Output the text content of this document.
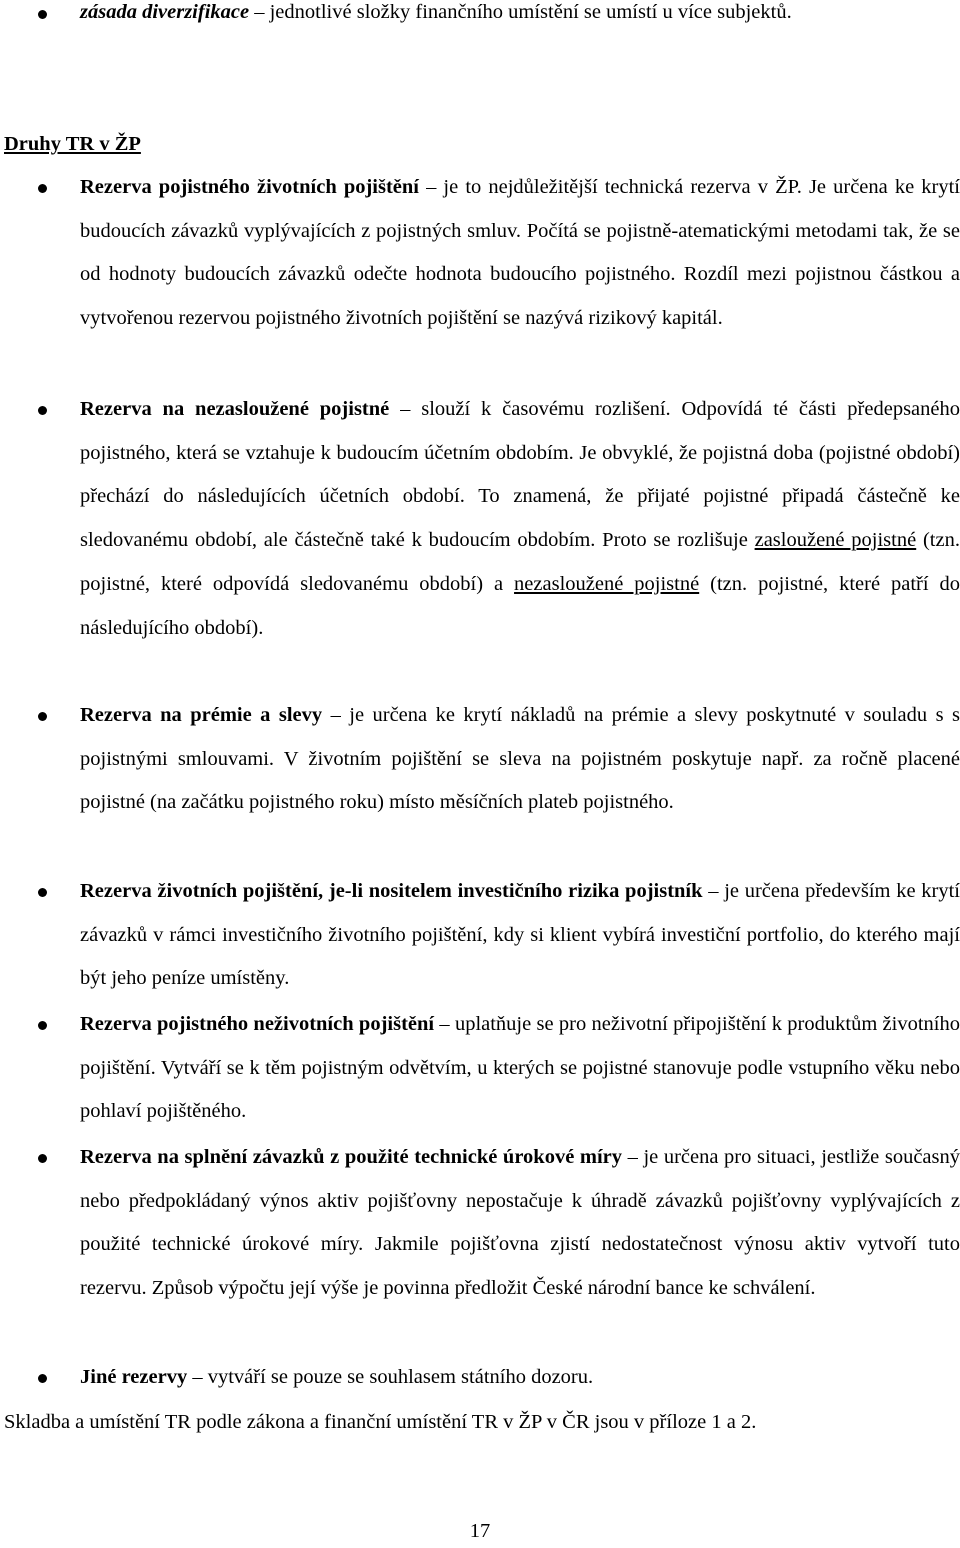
zásada diverzifikace – jednotlivé složky finančního umístění se umístí u více subjektů.
Druhy TR v ŽP
Rezerva pojistného životních pojištění – je to nejdůležitější technická rezerva v ŽP. Je určena ke krytí budoucích závazků vyplývajících z pojistných smluv. Počítá se pojistně-atematickými metodami tak, že se od hodnoty budoucích závazků odečte hodnota budoucího pojistného. Rozdíl mezi pojistnou částkou a vytvořenou rezervou pojistného životních pojištění se nazývá rizikový kapitál.
Rezerva na nezasloužené pojistné – slouží k časovému rozlišení. Odpovídá té části předepsaného pojistného, která se vztahuje k budoucím účetním obdobím. Je obvyklé, že pojistná doba (pojistné období) přechází do následujících účetních období. To znamená, že přijaté pojistné připadá částečně ke sledovanému období, ale částečně také k budoucím obdobím. Proto se rozlišuje zasloužené pojistné (tzn. pojistné, které odpovídá sledovanému období) a nezasloužené pojistné (tzn. pojistné, které patří do následujícího období).
Rezerva na prémie a slevy – je určena ke krytí nákladů na prémie a slevy poskytnuté v souladu s s pojistnými smlouvami. V životním pojištění se sleva na pojistném poskytuje např. za ročně placené pojistné (na začátku pojistného roku) místo měsíčních plateb pojistného.
Rezerva životních pojištění, je-li nositelem investičního rizika pojistník – je určena především ke krytí závazků v rámci investičního životního pojištění, kdy si klient vybírá investiční portfolio, do kterého mají být jeho peníze umístěny.
Rezerva pojistného neživotních pojištění – uplatňuje se pro neživotní připojištění k produktům životního pojištění. Vytváří se k těm pojistným odvětvím, u kterých se pojistné stanovuje podle vstupního věku nebo pohlaví pojištěného.
Rezerva na splnění závazků z použité technické úrokové míry – je určena pro situaci, jestliže současný nebo předpokládaný výnos aktiv pojišťovny nepostačuje k úhradě závazků pojišťovny vyplývajících z použité technické úrokové míry. Jakmile pojišťovna zjistí nedostatečnost výnosu aktiv vytvoří tuto rezervu. Způsob výpočtu její výše je povinna předložit České národní bance ke schválení.
Jiné rezervy – vytváří se pouze se souhlasem státního dozoru.
Skladba a umístění TR podle zákona a finanční umístění TR v ŽP v ČR jsou v příloze 1 a 2.
17
